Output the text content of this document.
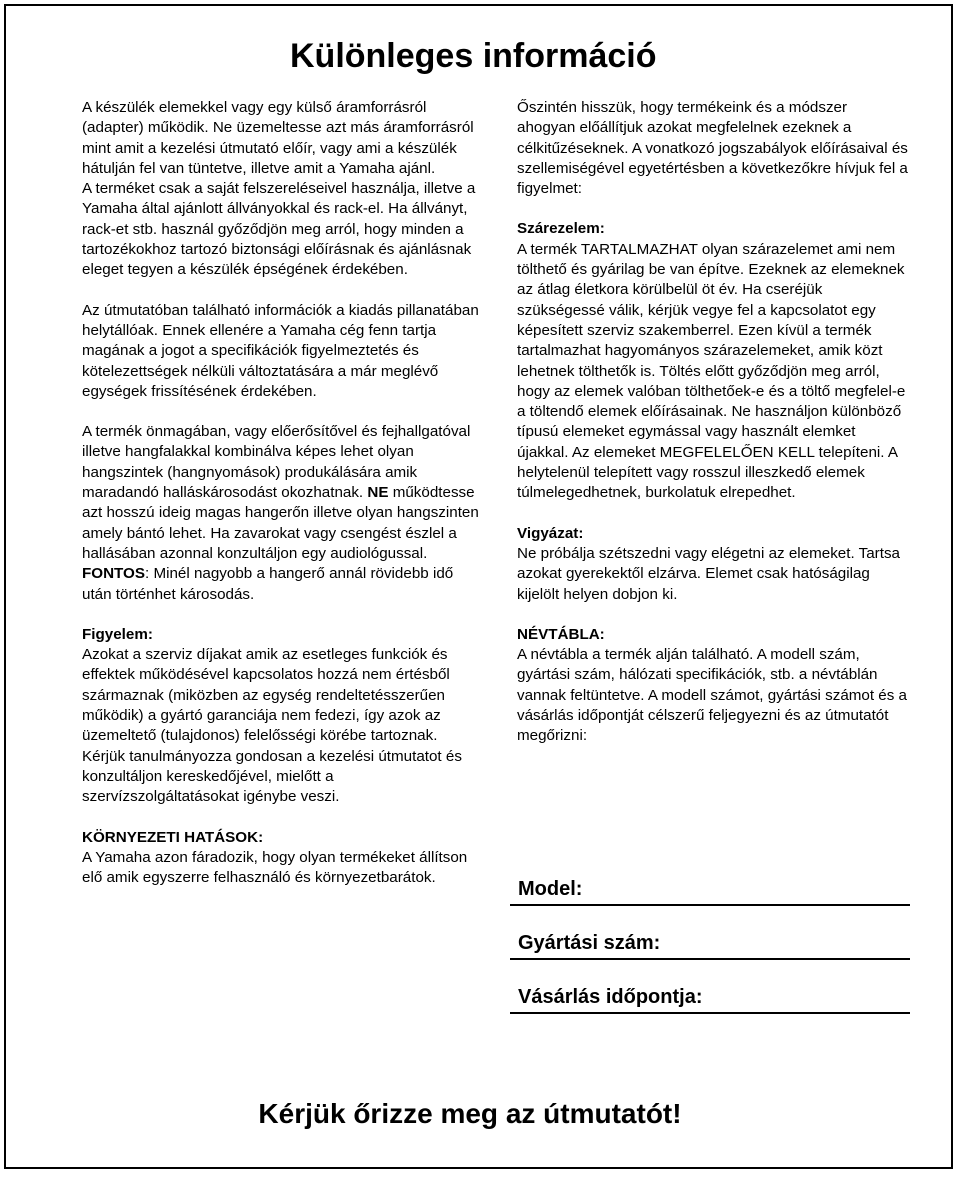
Különleges információ

A készülék elemekkel vagy egy külső áramforrásról (adapter) működik. Ne üzemeltesse azt más áramforrásról mint amit a kezelési útmutató előír, vagy ami a készülék hátulján fel van tüntetve, illetve amit a Yamaha ajánl.

A terméket csak a saját felszereléseivel használja, illetve a Yamaha által ajánlott állványokkal és rack-el. Ha állványt, rack-et stb. használ győződjön meg arról, hogy minden a tartozékokhoz tartozó biztonsági előírásnak és ajánlásnak eleget tegyen a készülék épségének érdekében.

Az útmutatóban található információk a kiadás pillanatában helytállóak. Ennek ellenére a Yamaha cég fenn tartja magának a jogot a specifikációk figyelmeztetés és kötelezettségek nélküli változtatására a már meglévő egységek frissítésének érdekében.

A termék önmagában, vagy előerősítővel és fejhallgatóval illetve hangfalakkal kombinálva képes lehet olyan hangszintek (hangnyomások) produkálására amik maradandó halláskárosodást okozhatnak. NE működtesse azt hosszú ideig magas hangerőn illetve olyan hangszinten amely bántó lehet. Ha zavarokat vagy csengést észlel a hallásában azonnal konzultáljon egy audiológussal.
FONTOS: Minél nagyobb a hangerő annál rövidebb idő után történhet károsodás.

Figyelem:

Azokat a szerviz díjakat amik az esetleges funkciók és effektek működésével kapcsolatos hozzá nem értésből származnak (miközben az egység rendeltetésszerűen működik) a gyártó garanciája nem fedezi, így azok az üzemeltető (tulajdonos) felelősségi körébe tartoznak. Kérjük tanulmányozza gondosan a kezelési útmutatot és konzultáljon kereskedőjével, mielőtt a szervízszolgáltatásokat igénybe veszi.

KÖRNYEZETI HATÁSOK:

A Yamaha azon fáradozik, hogy olyan termékeket állítson elő amik egyszerre felhasználó és környezetbarátok.

Őszintén hisszük, hogy termékeink és a módszer ahogyan előállítjuk azokat megfelelnek ezeknek a célkitűzéseknek. A vonatkozó jogszabályok előírásaival és szellemiségével egyetértésben a következőkre hívjuk fel a figyelmet:

Szárezelem:

A termék TARTALMAZHAT olyan szárazelemet ami nem tölthető és gyárilag be van építve. Ezeknek az elemeknek az átlag életkora körülbelül öt év. Ha cseréjük szükségessé válik, kérjük vegye fel a kapcsolatot egy képesített szerviz szakemberrel. Ezen kívül a termék tartalmazhat hagyományos szárazelemeket, amik közt lehetnek tölthetők is. Töltés előtt győződjön meg arról, hogy az elemek valóban tölthetőek-e és a töltő megfelel-e a töltendő elemek előírásainak. Ne használjon különböző típusú elemeket egymással vagy használt elemket újakkal. Az elemeket MEGFELELŐEN KELL telepíteni. A helytelenül telepített vagy rosszul illeszkedő elemek túlmelegedhetnek, burkolatuk elrepedhet.

Vigyázat:

Ne próbálja szétszedni vagy elégetni az elemeket. Tartsa azokat gyerekektől elzárva. Elemet csak hatóságilag kijelölt helyen dobjon ki.

NÉVTÁBLA:

A névtábla a termék alján található. A modell szám, gyártási szám, hálózati specifikációk, stb. a névtáblán vannak feltüntetve. A modell számot, gyártási számot és a vásárlás időpontját célszerű feljegyezni és az útmutatót megőrizni:

Model:
Gyártási szám:
Vásárlás időpontja:

Kérjük őrizze meg az útmutatót!
